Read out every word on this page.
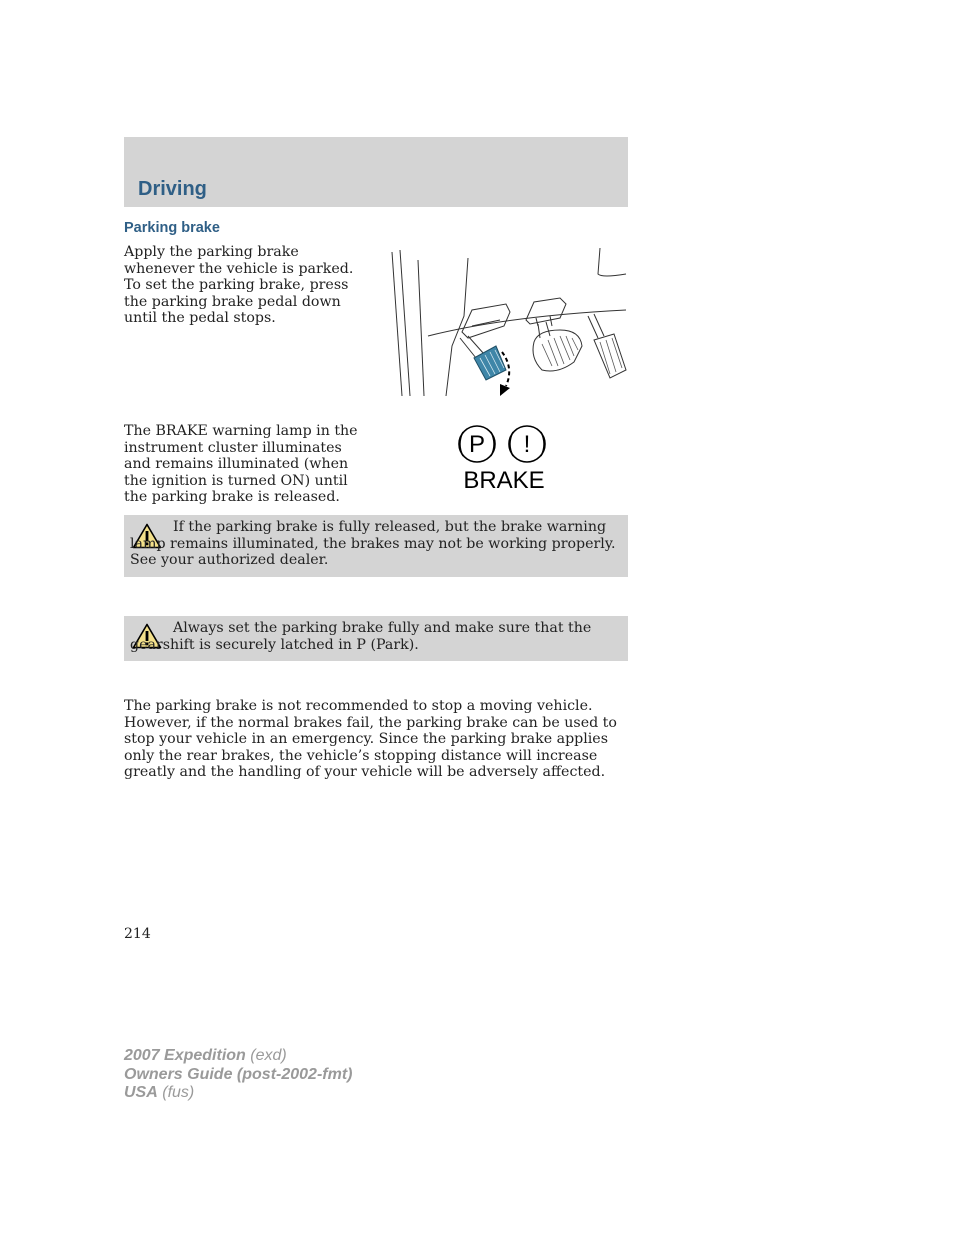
Driving
Parking brake

Apply the parking brake whenever the vehicle is parked. To set the parking brake, press the parking brake pedal down until the pedal stops.

The BRAKE warning lamp in the instrument cluster illuminates and remains illuminated (when the ignition is turned ON) until the parking brake is released.

P !
BRAKE

If the parking brake is fully released, but the brake warning lamp remains illuminated, the brakes may not be working properly. See your authorized dealer.

Always set the parking brake fully and make sure that the gearshift is securely latched in P (Park).

The parking brake is not recommended to stop a moving vehicle. However, if the normal brakes fail, the parking brake can be used to stop your vehicle in an emergency. Since the parking brake applies only the rear brakes, the vehicle’s stopping distance will increase greatly and the handling of your vehicle will be adversely affected.

214
2007 Expedition (exd)
Owners Guide (post-2002-fmt)
USA (fus)
